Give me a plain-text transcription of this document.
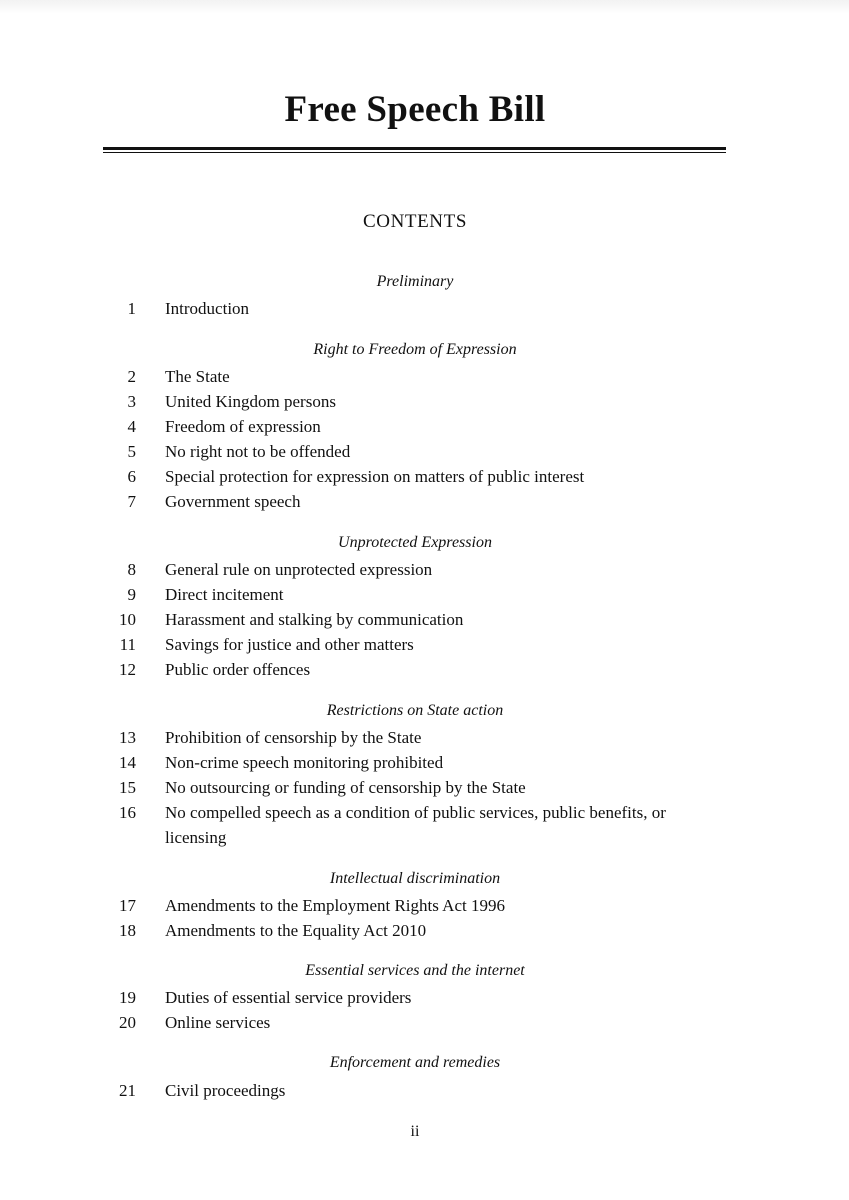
Free Speech Bill
CONTENTS
Preliminary
1 Introduction
Right to Freedom of Expression
2 The State
3 United Kingdom persons
4 Freedom of expression
5 No right not to be offended
6 Special protection for expression on matters of public interest
7 Government speech
Unprotected Expression
8 General rule on unprotected expression
9 Direct incitement
10 Harassment and stalking by communication
11 Savings for justice and other matters
12 Public order offences
Restrictions on State action
13 Prohibition of censorship by the State
14 Non-crime speech monitoring prohibited
15 No outsourcing or funding of censorship by the State
16 No compelled speech as a condition of public services, public benefits, or
licensing
Intellectual discrimination
17 Amendments to the Employment Rights Act 1996
18 Amendments to the Equality Act 2010
Essential services and the internet
19 Duties of essential service providers
20 Online services
Enforcement and remedies
21 Civil proceedings
ii
